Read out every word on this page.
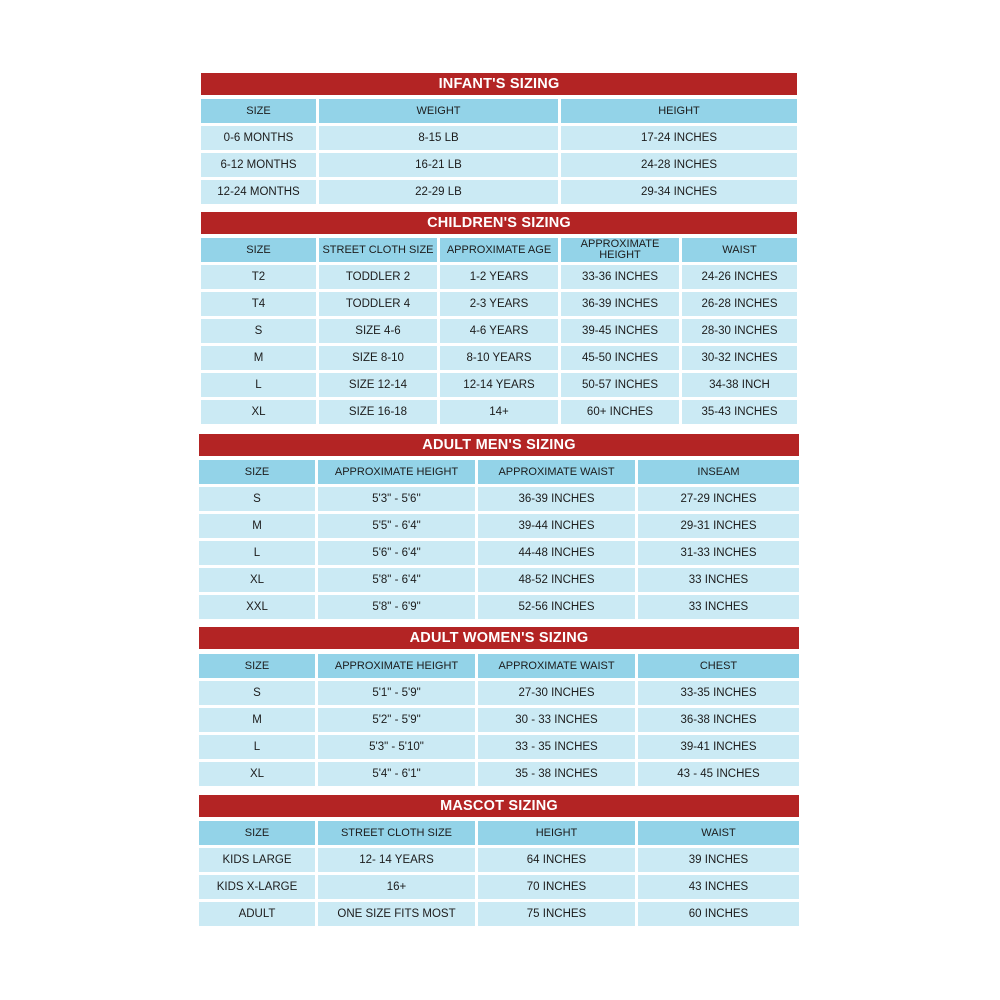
INFANT'S SIZING
SIZE	WEIGHT	HEIGHT
0-6 MONTHS	8-15 LB	17-24 INCHES
6-12 MONTHS	16-21 LB	24-28 INCHES
12-24 MONTHS	22-29 LB	29-34 INCHES
CHILDREN'S SIZING
SIZE	STREET CLOTH SIZE	APPROXIMATE AGE	APPROXIMATE HEIGHT	WAIST
T2	TODDLER 2	1-2 YEARS	33-36 INCHES	24-26 INCHES
T4	TODDLER 4	2-3 YEARS	36-39 INCHES	26-28 INCHES
S	SIZE 4-6	4-6 YEARS	39-45 INCHES	28-30 INCHES
M	SIZE 8-10	8-10 YEARS	45-50 INCHES	30-32 INCHES
L	SIZE 12-14	12-14 YEARS	50-57 INCHES	34-38 INCH
XL	SIZE 16-18	14+	60+ INCHES	35-43 INCHES
ADULT MEN'S SIZING
SIZE	APPROXIMATE HEIGHT	APPROXIMATE WAIST	INSEAM
S	5'3" - 5'6''	36-39 INCHES	27-29 INCHES
M	5'5" - 6'4"	39-44 INCHES	29-31 INCHES
L	5'6" - 6'4"	44-48 INCHES	31-33 INCHES
XL	5'8" - 6'4"	48-52 INCHES	33 INCHES
XXL	5'8" - 6'9"	52-56 INCHES	33 INCHES
ADULT WOMEN'S SIZING
SIZE	APPROXIMATE HEIGHT	APPROXIMATE WAIST	CHEST
S	5'1" - 5'9"	27-30 INCHES	33-35 INCHES
M	5'2" - 5'9"	30 - 33 INCHES	36-38 INCHES
L	5'3" - 5'10"	33 - 35 INCHES	39-41 INCHES
XL	5'4" - 6'1"	35 - 38 INCHES	43 - 45 INCHES
MASCOT SIZING
SIZE	STREET CLOTH SIZE	HEIGHT	WAIST
KIDS LARGE	12- 14 YEARS	64 INCHES	39 INCHES
KIDS X-LARGE	16+	70 INCHES	43 INCHES
ADULT	ONE SIZE FITS MOST	75 INCHES	60 INCHES
